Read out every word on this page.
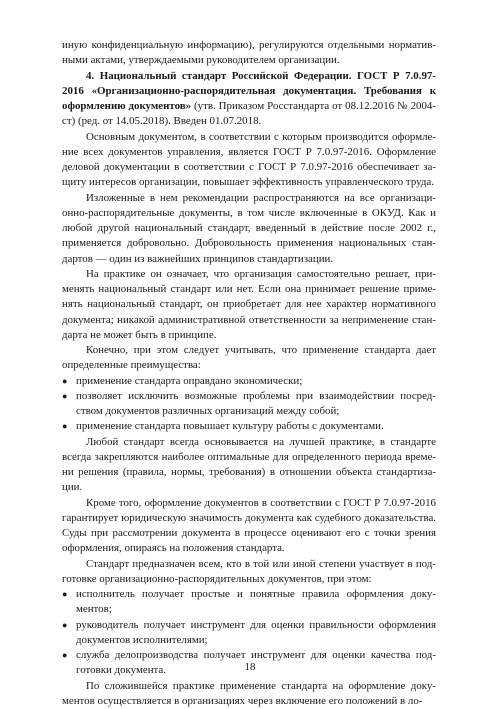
иную конфиденциальную информацию), регулируются отдельными нормативными актами, утверждаемыми руководителем организации.

4. Национальный стандарт Российской Федерации. ГОСТ Р 7.0.97-2016 «Организационно-распорядительная документация. Требования к оформлению документов» (утв. Приказом Росстандарта от 08.12.2016 № 2004-ст) (ред. от 14.05.2018). Введен 01.07.2018.

Основным документом, в соответствии с которым производится оформление всех документов управления, является ГОСТ Р 7.0.97-2016. Оформление деловой документации в соответствии с ГОСТ Р 7.0.97-2016 обеспечивает защиту интересов организации, повышает эффективность управленческого труда.

Изложенные в нем рекомендации распространяются на все организационно-распорядительные документы, в том числе включенные в ОКУД. Как и любой другой национальный стандарт, введенный в действие после 2002 г., применяется добровольно. Добровольность применения национальных стандартов — один из важнейших принципов стандартизации.

На практике он означает, что организация самостоятельно решает, применять национальный стандарт или нет. Если она принимает решение применять национальный стандарт, он приобретает для нее характер нормативного документа; никакой административной ответственности за неприменение стандарта не может быть в принципе.

Конечно, при этом следует учитывать, что применение стандарта дает определенные преимущества:

● применение стандарта оправдано экономически;
● позволяет исключить возможные проблемы при взаимодействии посредством документов различных организаций между собой;
● применение стандарта повышает культуру работы с документами.

Любой стандарт всегда основывается на лучшей практике, в стандарте всегда закрепляются наиболее оптимальные для определенного периода времени решения (правила, нормы, требования) в отношении объекта стандартизации.

Кроме того, оформление документов в соответствии с ГОСТ Р 7.0.97-2016 гарантирует юридическую значимость документа как судебного доказательства. Суды при рассмотрении документа в процессе оценивают его с точки зрения оформления, опираясь на положения стандарта.

Стандарт предназначен всем, кто в той или иной степени участвует в подготовке организационно-распорядительных документов, при этом:

● исполнитель получает простые и понятные правила оформления документов;
● руководитель получает инструмент для оценки правильности оформления документов исполнителями;
● служба делопроизводства получает инструмент для оценки качества подготовки документа.

По сложившейся практике применение стандарта на оформление документов осуществляется в организациях через включение его положений в ло-

18
